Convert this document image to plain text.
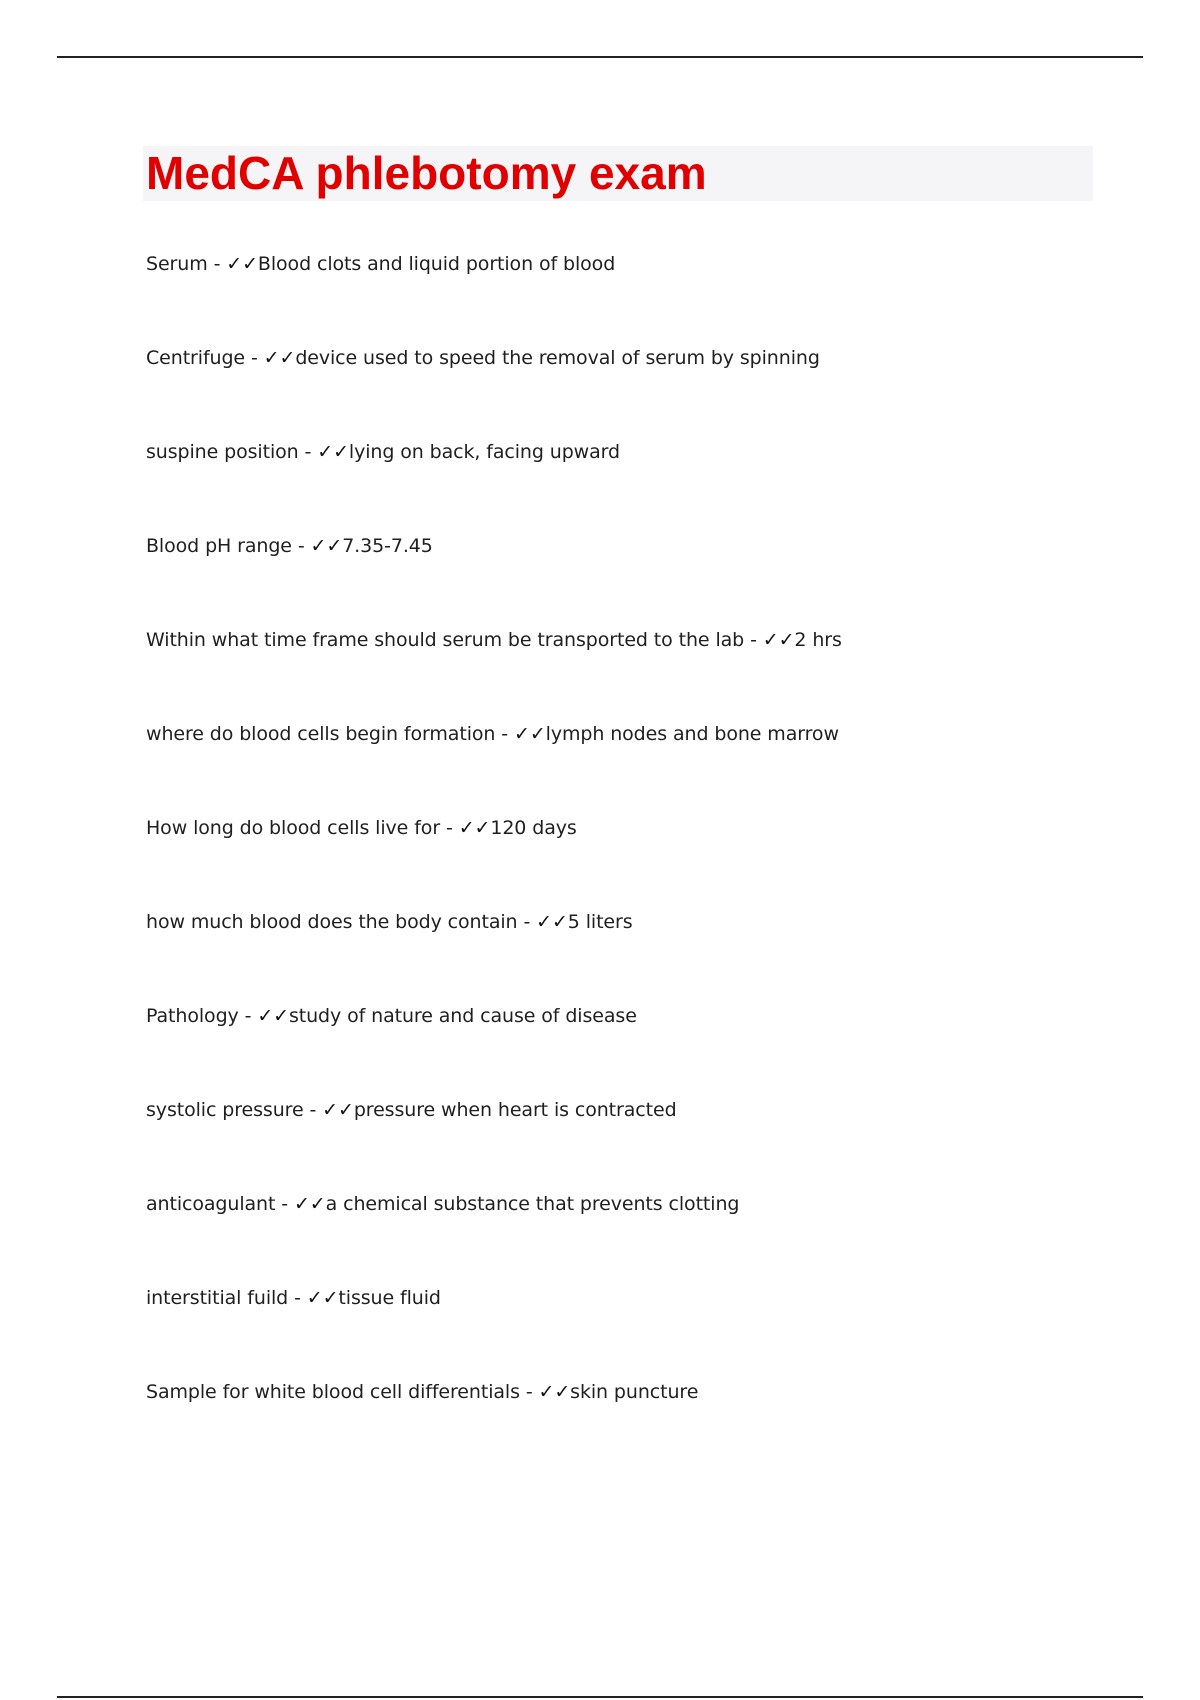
MedCA phlebotomy exam
Serum - ✓✓Blood clots and liquid portion of blood
Centrifuge - ✓✓device used to speed the removal of serum by spinning
suspine position - ✓✓lying on back, facing upward
Blood pH range - ✓✓7.35-7.45
Within what time frame should serum be transported to the lab - ✓✓2 hrs
where do blood cells begin formation - ✓✓lymph nodes and bone marrow
How long do blood cells live for - ✓✓120 days
how much blood does the body contain - ✓✓5 liters
Pathology - ✓✓study of nature and cause of disease
systolic pressure - ✓✓pressure when heart is contracted
anticoagulant - ✓✓a chemical substance that prevents clotting
interstitial fuild - ✓✓tissue fluid
Sample for white blood cell differentials - ✓✓skin puncture
